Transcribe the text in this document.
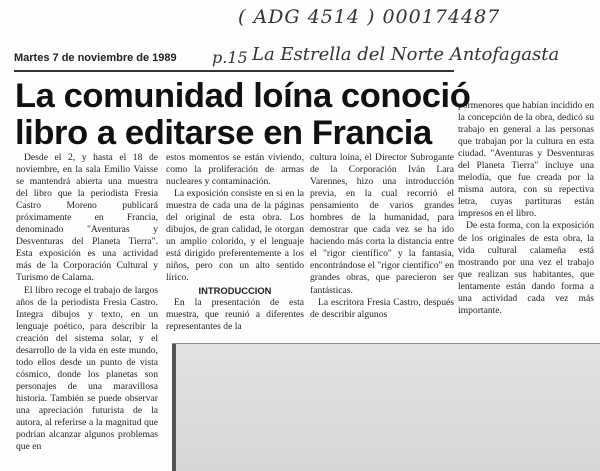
( ADG 4514 ) 000174487
p.15 La Estrella del Norte Antofagasta
Martes 7 de noviembre de 1989
La comunidad loína conoció
libro a editarse en Francia

Desde el 2, y hasta el 18 de noviembre, en la sala Emilio Vaisse se mantendrá abierta una muestra del libro que la periodista Fresia Castro Moreno publicará próximamente en Francia, denominado "Aventuras y Desventuras del Planeta Tierra". Esta exposición es una actividad más de la Corporación Cultural y Turismo de Calama.

El libro recoge el trabajo de largos años de la periodista Fresia Castro. Integra dibujos y texto, en un lenguaje poético, para describir la creación del sistema solar, y el desarrollo de la vida en este mundo, todo ellos desde un punto de vista cósmico, donde los planetas son personajes de una maravillosa historia. También se puede observar una apreciación futurista de la autora, al referirse a la magnitud que podrían alcanzar algunos problemas que en

estos momentos se están viviendo, como la proliferación de armas nucleares y contaminación.

La exposición consiste en si en la muestra de cada una de la páginas del original de esta obra. Los dibujos, de gran calidad, le otorgan un amplio colorido, y el lenguaje está dirigido preferentemente a los niños, pero con un alto sentido lírico.

INTRODUCCION

En la presentación de esta muestra, que reunió a diferentes representantes de la

cultura loína, el Director Subrogante de la Corporación Iván Lara Varennes, hizo una introducción previa, en la cual recorrió el pensamiento de varios grandes hombres de la humanidad, para demostrar que cada vez se ha ido haciendo más corta la distancia entre el "rigor científico" y la fantasía, encontrándose el "rigor científico" en grandes obras, que parecieron ser fantásticas.

La escritora Fresia Castro, después de describir algunos

pormenores que habían incidido en la concepción de la obra, dedicó su trabajo en general a las personas que trabajan por la cultura en esta ciudad. "Aventuras y Desventuras del Planeta Tierra" incluye una melodía, que fue creada por la misma autora, con su repectiva letra, cuyas partituras están impresos en el libro.

De esta forma, con la exposición de los originales de esta obra, la vida cultural calameña está mostrando por una vez el trabajo que realizan sus habitantes, que lentamente están dando forma a una actividad cada vez más importante.
